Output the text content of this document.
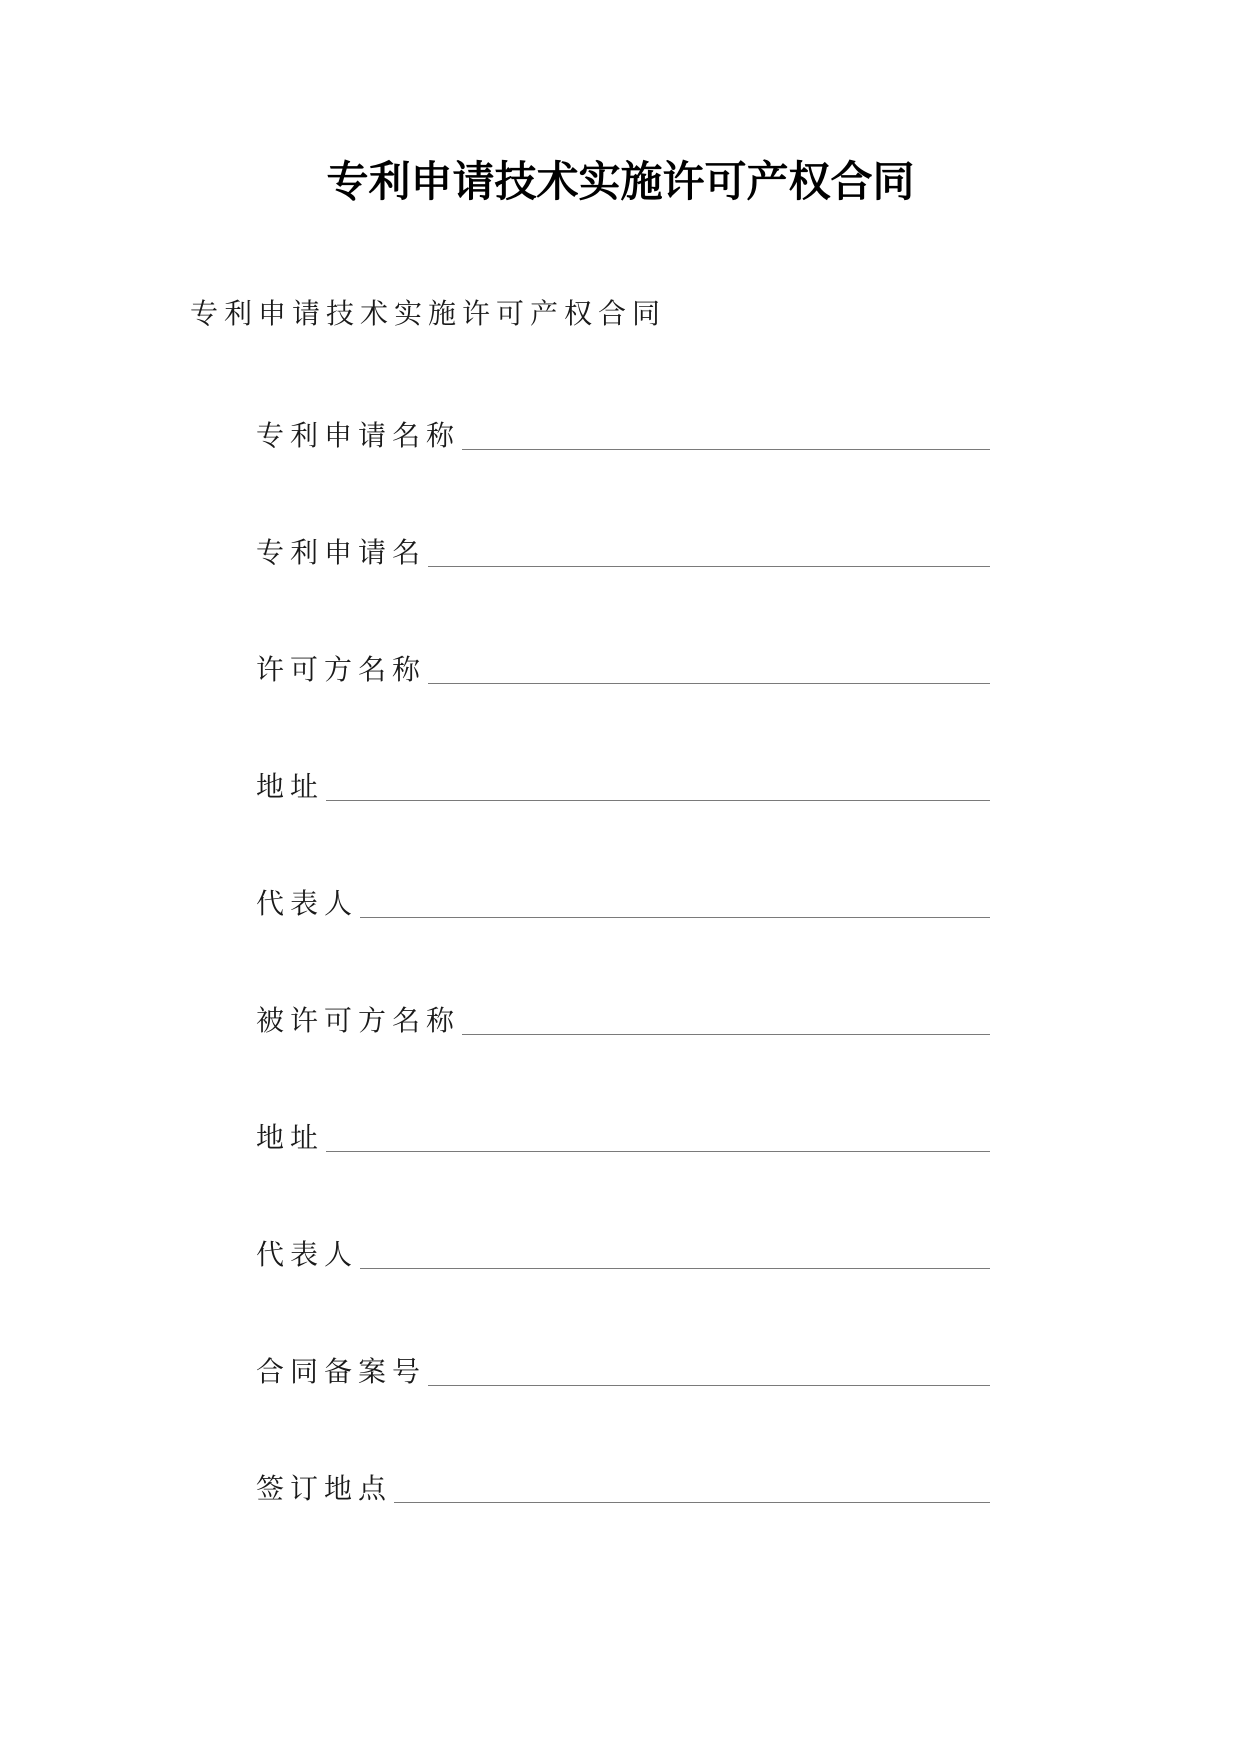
专利申请技术实施许可产权合同
专利申请技术实施许可产权合同
专利申请名称
专利申请名
许可方名称
地址
代表人
被许可方名称
地址
代表人
合同备案号
签订地点
